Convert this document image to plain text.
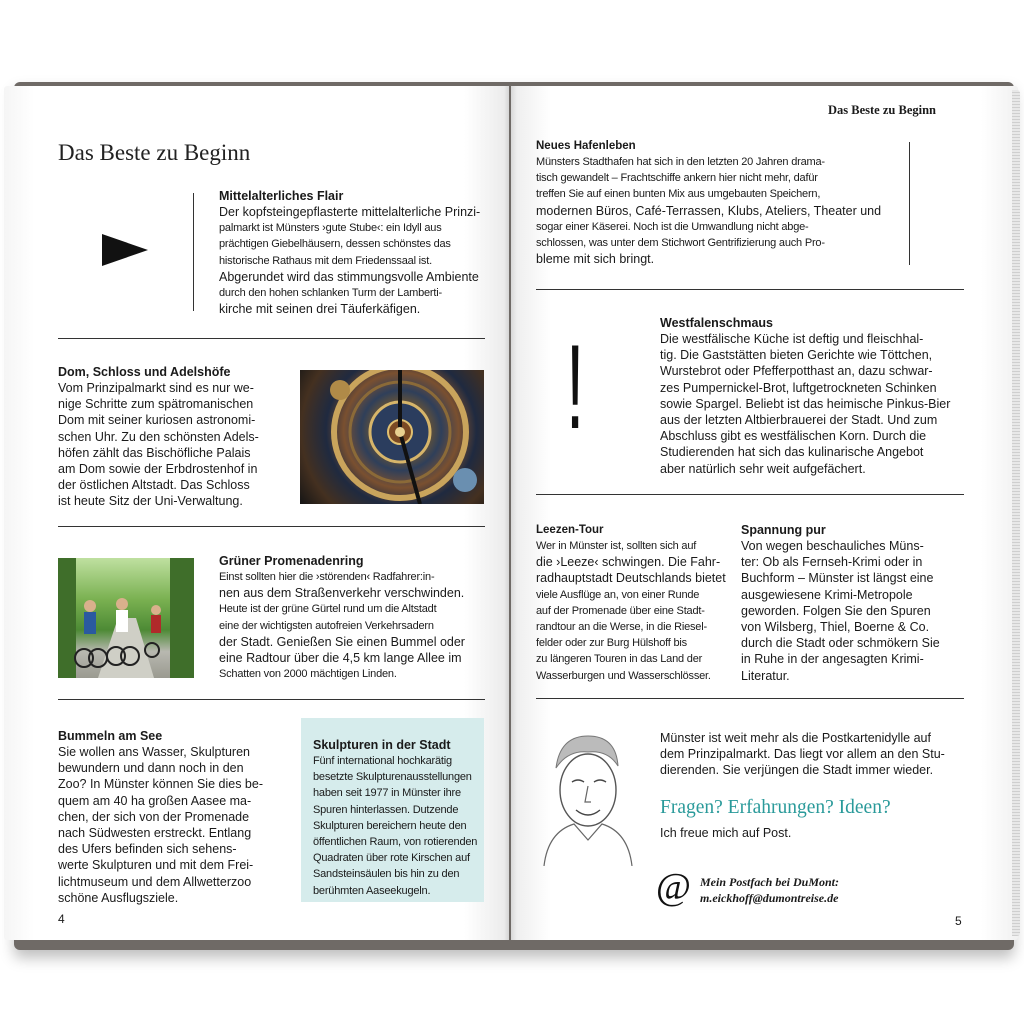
Das Beste zu Beginn
Mittelalterliches Flair
Der kopfsteingepflasterte mittelalterliche Prinzi-
palmarkt ist Münsters ›gute Stube‹: ein Idyll aus
prächtigen Giebelhäusern, dessen schönstes das
historische Rathaus mit dem Friedenssaal ist.
Abgerundet wird das stimmungsvolle Ambiente
durch den hohen schlanken Turm der Lamberti-
kirche mit seinen drei Täuferkäfigen.
Dom, Schloss und Adelshöfe
Vom Prinzipalmarkt sind es nur we-
nige Schritte zum spätromanischen
Dom mit seiner kuriosen astronomi-
schen Uhr. Zu den schönsten Adels-
höfen zählt das Bischöfliche Palais
am Dom sowie der Erbdrostenhof in
der östlichen Altstadt. Das Schloss
ist heute Sitz der Uni-Verwaltung.
Grüner Promenadenring
Einst sollten hier die ›störenden‹ Radfahrer:in-
nen aus dem Straßenverkehr verschwinden.
Heute ist der grüne Gürtel rund um die Altstadt
eine der wichtigsten autofreien Verkehrsadern
der Stadt. Genießen Sie einen Bummel oder
eine Radtour über die 4,5 km lange Allee im
Schatten von 2000 mächtigen Linden.
Bummeln am See
Sie wollen ans Wasser, Skulpturen
bewundern und dann noch in den
Zoo? In Münster können Sie dies be-
quem am 40 ha großen Aasee ma-
chen, der sich von der Promenade
nach Südwesten erstreckt. Entlang
des Ufers befinden sich sehens-
werte Skulpturen und mit dem Frei-
lichtmuseum und dem Allwetterzoo
schöne Ausflugsziele.
Skulpturen in der Stadt
Fünf international hochkarätig
besetzte Skulpturenausstellungen
haben seit 1977 in Münster ihre
Spuren hinterlassen. Dutzende
Skulpturen bereichern heute den
öffentlichen Raum, von rotierenden
Quadraten über rote Kirschen auf
Sandsteinsäulen bis hin zu den
berühmten Aaseekugeln.
4
Das Beste zu Beginn
Neues Hafenleben
Münsters Stadthafen hat sich in den letzten 20 Jahren drama-
tisch gewandelt – Frachtschiffe ankern hier nicht mehr, dafür
treffen Sie auf einen bunten Mix aus umgebauten Speichern,
modernen Büros, Café-Terrassen, Klubs, Ateliers, Theater und
sogar einer Käserei. Noch ist die Umwandlung nicht abge-
schlossen, was unter dem Stichwort Gentrifizierung auch Pro-
bleme mit sich bringt.
!	Westfalenschmaus
Die westfälische Küche ist deftig und fleischhal-
tig. Die Gaststätten bieten Gerichte wie Töttchen,
Wurstebrot oder Pfefferpotthast an, dazu schwar-
zes Pumpernickel-Brot, luftgetrockneten Schinken
sowie Spargel. Beliebt ist das heimische Pinkus-Bier
aus der letzten Altbierbrauerei der Stadt. Und zum
Abschluss gibt es westfälischen Korn. Durch die
Studierenden hat sich das kulinarische Angebot
aber natürlich sehr weit aufgefächert.
Leezen-Tour
Wer in Münster ist, sollten sich auf
die ›Leeze‹ schwingen. Die Fahr-
radhauptstadt Deutschlands bietet
viele Ausflüge an, von einer Runde
auf der Promenade über eine Stadt-
randtour an die Werse, in die Riesel-
felder oder zur Burg Hülshoff bis
zu längeren Touren in das Land der
Wasserburgen und Wasserschlösser.
Spannung pur
Von wegen beschauliches Müns-
ter: Ob als Fernseh-Krimi oder in
Buchform – Münster ist längst eine
ausgewiesene Krimi-Metropole
geworden. Folgen Sie den Spuren
von Wilsberg, Thiel, Boerne & Co.
durch die Stadt oder schmökern Sie
in Ruhe in der angesagten Krimi-
Literatur.
Münster ist weit mehr als die Postkartenidylle auf
dem Prinzipalmarkt. Das liegt vor allem an den Stu-
dierenden. Sie verjüngen die Stadt immer wieder.
Fragen? Erfahrungen? Ideen?
Ich freue mich auf Post.
@ Mein Postfach bei DuMont:
m.eickhoff@dumontreise.de
5
